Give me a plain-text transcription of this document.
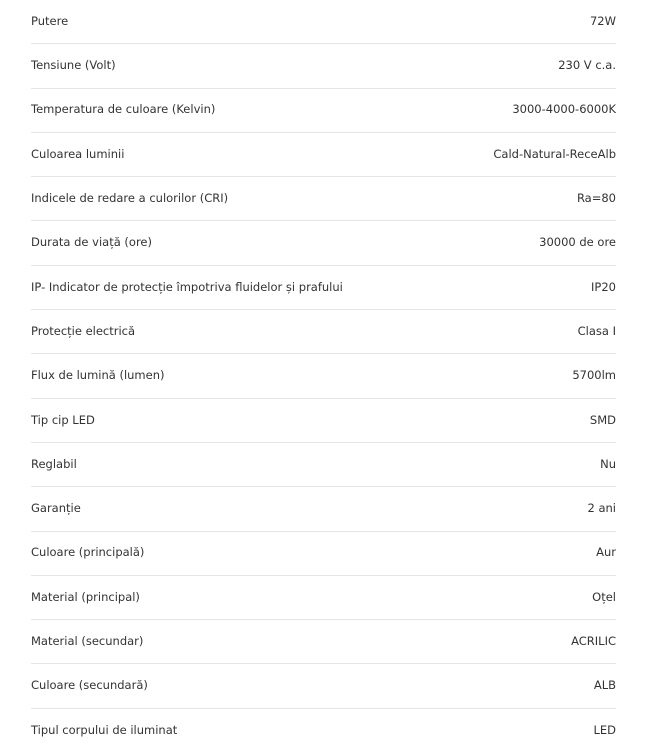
Putere	72W
Tensiune (Volt)	230 V c.a.
Temperatura de culoare (Kelvin)	3000-4000-6000K
Culoarea luminii	Cald-Natural-ReceAlb
Indicele de redare a culorilor (CRI)	Ra=80
Durata de viață (ore)	30000 de ore
IP- Indicator de protecție împotriva fluidelor și prafului	IP20
Protecție electrică	Clasa I
Flux de lumină (lumen)	5700lm
Tip cip LED	SMD
Reglabil	Nu
Garanție	2 ani
Culoare (principală)	Aur
Material (principal)	Oțel
Material (secundar)	ACRILIC
Culoare (secundară)	ALB
Tipul corpului de iluminat	LED
